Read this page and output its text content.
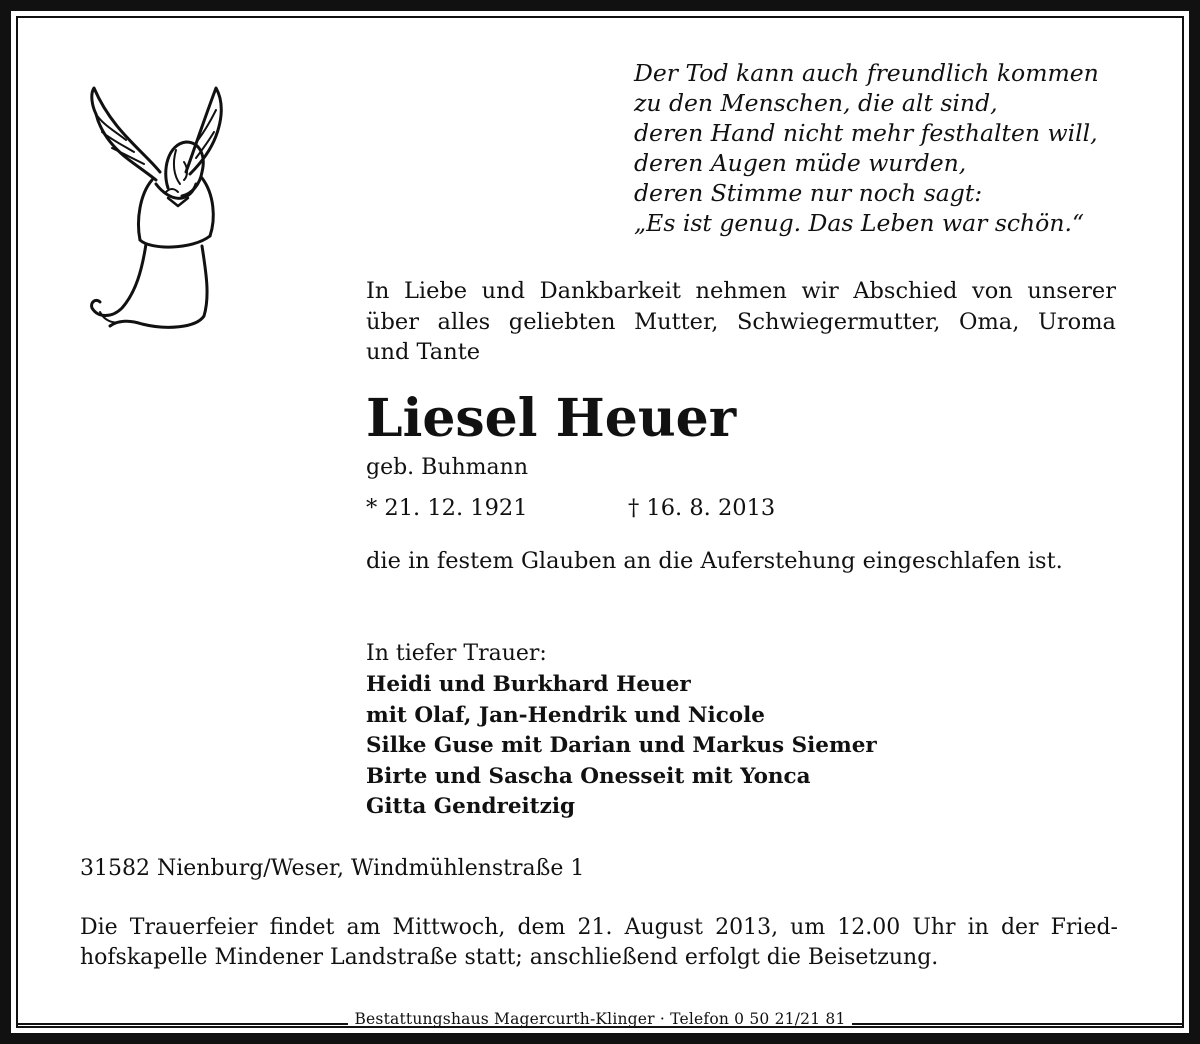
Der Tod kann auch freundlich kommen
zu den Menschen, die alt sind,
deren Hand nicht mehr festhalten will,
deren Augen müde wurden,
deren Stimme nur noch sagt:
„Es ist genug. Das Leben war schön.“
In Liebe und Dankbarkeit nehmen wir Abschied von unserer
über alles geliebten Mutter, Schwiegermutter, Oma, Uroma
und Tante
Liesel Heuer
geb. Buhmann
* 21. 12. 1921	† 16. 8. 2013
die in festem Glauben an die Auferstehung eingeschlafen ist.
In tiefer Trauer:
Heidi und Burkhard Heuer
mit Olaf, Jan-Hendrik und Nicole
Silke Guse mit Darian und Markus Siemer
Birte und Sascha Onesseit mit Yonca
Gitta Gendreitzig
31582 Nienburg/Weser, Windmühlenstraße 1
Die Trauerfeier findet am Mittwoch, dem 21. August 2013, um 12.00 Uhr in der Fried-
hofskapelle Mindener Landstraße statt; anschließend erfolgt die Beisetzung.
Bestattungshaus Magercurth-Klinger · Telefon 0 50 21/21 81
